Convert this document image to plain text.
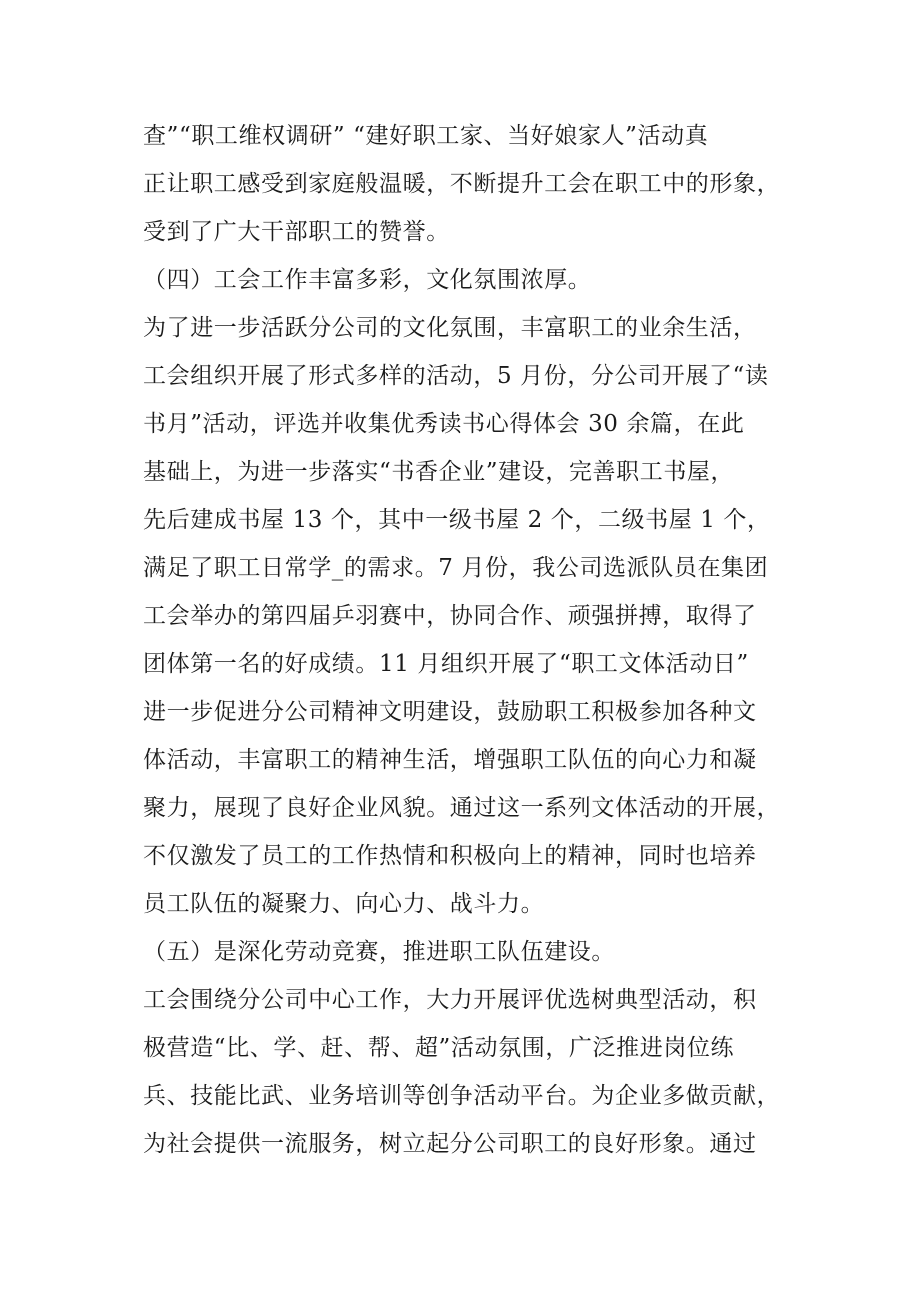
查”“职工维权调研” “建好职工家、当好娘家人”活动真
正让职工感受到家庭般温暖，不断提升工会在职工中的形象，
受到了广大干部职工的赞誉。
（四）工会工作丰富多彩，文化氛围浓厚。
为了进一步活跃分公司的文化氛围，丰富职工的业余生活，
工会组织开展了形式多样的活动，5 月份，分公司开展了“读
书月”活动，评选并收集优秀读书心得体会 30 余篇，在此
基础上，为进一步落实“书香企业”建设，完善职工书屋，
先后建成书屋 13 个，其中一级书屋 2 个，二级书屋 1 个，
满足了职工日常学_的需求。7 月份，我公司选派队员在集团
工会举办的第四届乒羽赛中，协同合作、顽强拼搏，取得了
团体第一名的好成绩。11 月组织开展了“职工文体活动日”
进一步促进分公司精神文明建设，鼓励职工积极参加各种文
体活动，丰富职工的精神生活，增强职工队伍的向心力和凝
聚力，展现了良好企业风貌。通过这一系列文体活动的开展，
不仅激发了员工的工作热情和积极向上的精神，同时也培养
员工队伍的凝聚力、向心力、战斗力。
（五）是深化劳动竞赛，推进职工队伍建设。
工会围绕分公司中心工作，大力开展评优选树典型活动，积
极营造“比、学、赶、帮、超”活动氛围，广泛推进岗位练
兵、技能比武、业务培训等创争活动平台。为企业多做贡献，
为社会提供一流服务，树立起分公司职工的良好形象。通过
